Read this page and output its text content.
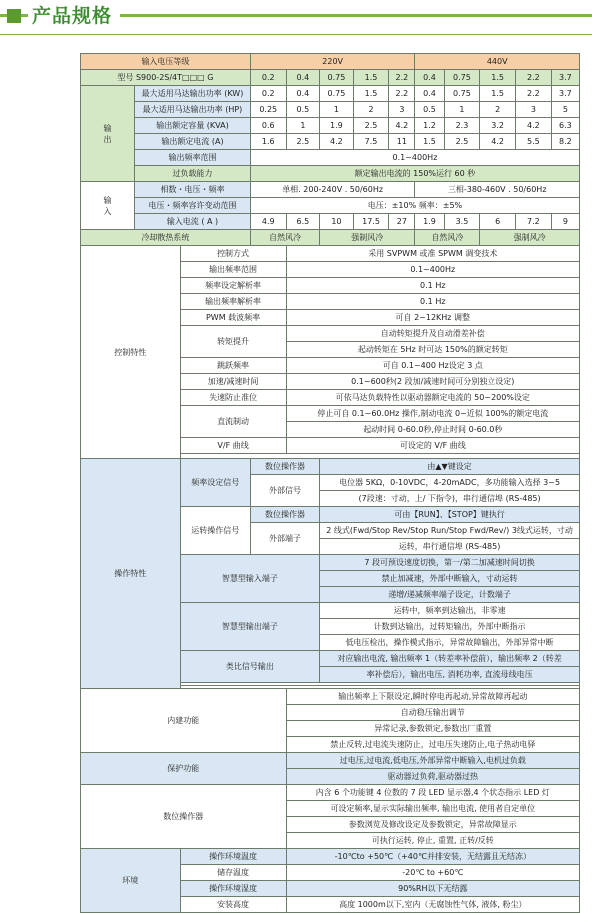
产品规格
输入电压等级			220V					440V				
型号 S900-2S/4T□□□ G			0.2	0.4	0.75	1.5	2.2	0.4	0.75	1.5	2.2	3.7
输出	最大适用马达输出功率 (KW)		0.2	0.4	0.75	1.5	2.2	0.4	0.75	1.5	2.2	3.7
	最大适用马达输出功率 (HP)		0.25	0.5	1	2	3	0.5	1	2	3	5
	输出额定容量 (KVA)		0.6	1	1.9	2.5	4.2	1.2	2.3	3.2	4.2	6.3
	输出额定电流 (A)		1.6	2.5	4.2	7.5	11	1.5	2.5	4.2	5.5	8.2
	输出频率范围		0.1~400Hz									
	过负载能力		额定输出电流的 150%运行 60 秒									
输入	相数・电压・频率		单相. 200-240V . 50/60Hz					三相-380-460V . 50/60Hz				
	电压・频率容许变动范围		电压：±10% 频率：±5%									
	输入电流 ( A )		4.9	6.5	10	17.5	27	1.9	3.5	6	7.2	9
冷却散热系统			自然风冷		强制风冷			自然风冷		强制风冷		
控制特性		控制方式		采用 SVPWM 或准 SPWM 调变技术								
		输出频率范围		0.1~400Hz								
		频率设定解析率		0.1 Hz								
		输出频率解析率		0.1 Hz								
		PWM 载波频率		可自 2~12KHz 调整								
		转矩提升		自动转矩提升及自动滑差补偿								
				起动转矩在 5Hz 时可达 150%的额定转矩								
		跳跃频率		可自 0.1~400 Hz设定 3 点								
		加速/减速时间		0.1~600秒(2 段加/减速时间可分别独立设定)								
		失速防止准位		可依马达负载特性以驱动器额定电流的 50~200%设定								
		直流制动		停止可自 0.1~60.0Hz 操作,制动电流 0~近似 100%的额定电流								
				起动时间 0-60.0秒,停止时间 0-60.0秒								
		V/F 曲线		可设定的 V/F 曲线								

操作特性		频率设定信号	数位操作器		由▲▼键设定							
			外部信号		电位器 5KΩ，0-10VDC，4-20mADC，多功能输入选择 3~5							
					(7段速：寸动，上/ 下指令)，串行通信埠 (RS-485)							
		运转操作信号	数位操作器		可由【RUN】、【STOP】键执行							
			外部端子		2 线式(Fwd/Stop Rev/Stop Run/Stop Fwd/Rev/) 3线式运转，寸动							
					运转，串行通信埠 (RS-485)							
		智慧型输入端子			7 段可预设速度切换，第一/第二加减速时间切换							
					禁止加减速，外部中断输入，寸动运转							
					递增/递减频率端子设定，计数端子							
		智慧型输出端子			运转中，频率到达输出，非零速							
					计数到达输出，过转矩输出，外部中断指示							
					低电压检出，操作模式指示，异常故障输出，外部异常中断							
		类比信号输出			对应输出电流, 输出频率 1（转差率补偿前），输出频率 2（转差							
					率补偿后），输出电压, 消耗功率, 直流母线电压							

内建功能				输出频率上下限设定,瞬时停电再起动,异常故障再起动								
				自动稳压输出调节								
				异常记录,参数锁定,参数出厂重置								
				禁止反转,过电流失速防止，过电压失速防止,电子热动电驿								
保护功能				过电压,过电流,低电压,外部异常中断输入,电机过负载								
				驱动器过负荷,驱动器过热								
数位操作器				内含 6 个功能键 4 位数的 7 段 LED 显示器,4 个状态指示 LED 灯								
				可设定频率,显示实际输出频率, 输出电流, 使用者自定单位								
				参数浏览及修改设定及参数锁定，异常故障显示								
				可执行运转, 停止, 重置, 正转/反转								
环境		操作环境温度		-10℃to +50℃（+40℃并排安装，无结露且无结冻）								
		储存温度		-20℃ to +60℃								
		操作环境湿度		90%RH以下无结露								
		安装高度		高度 1000m以下,室内（无腐蚀性气体, 液体, 粉尘）								
